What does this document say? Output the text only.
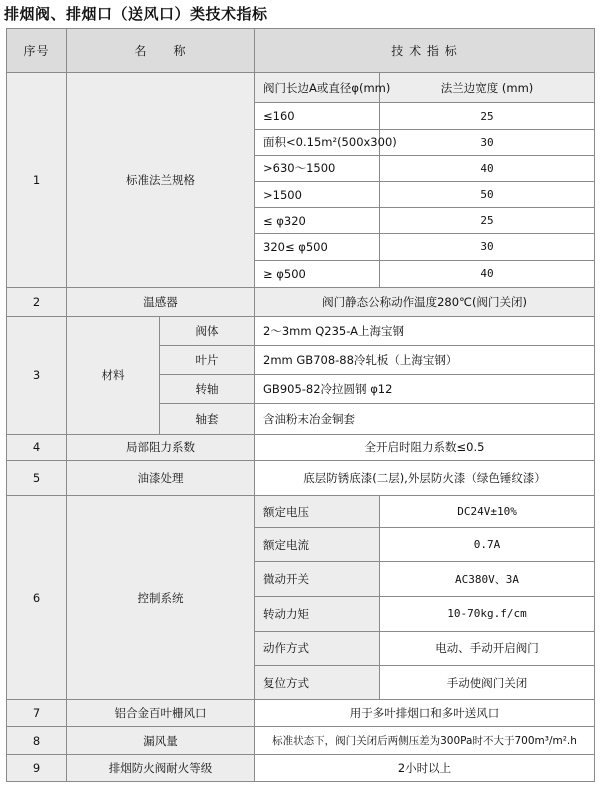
排烟阀、排烟口（送风口）类技术指标
序号	名　　称		技 术 指 标	
1	标准法兰规格		阀门长边A或直径φ(mm)	法兰边宽度 (mm)
			≤160	25
			面积<0.15m²(500x300)	30
			>630～1500	40
			>1500	50
			≤ φ320	25
			320≤ φ500	30
			≥ φ500	40
2	温感器		阀门静态公称动作温度280℃(阀门关闭)	
3	材料	阀体	2～3mm Q235-A上海宝钢	
		叶片	2mm GB708-88冷轧板（上海宝钢）	
		转轴	GB905-82冷拉圆钢 φ12	
		轴套	含油粉末冶金铜套	
4	局部阻力系数		全开启时阻力系数≤0.5	
5	油漆处理		底层防锈底漆(二层),外层防火漆（绿色锤纹漆）	
6	控制系统		额定电压	DC24V±10%
			额定电流	0.7A
			微动开关	AC380V、3A
			转动力矩	10-70kg.f/cm
			动作方式	电动、手动开启阀门
			复位方式	手动使阀门关闭
7	铝合金百叶栅风口		用于多叶排烟口和多叶送风口	
8	漏风量		标准状态下，阀门关闭后两侧压差为300Pa时不大于700m³/m².h	
9	排烟防火阀耐火等级		2小时以上	
